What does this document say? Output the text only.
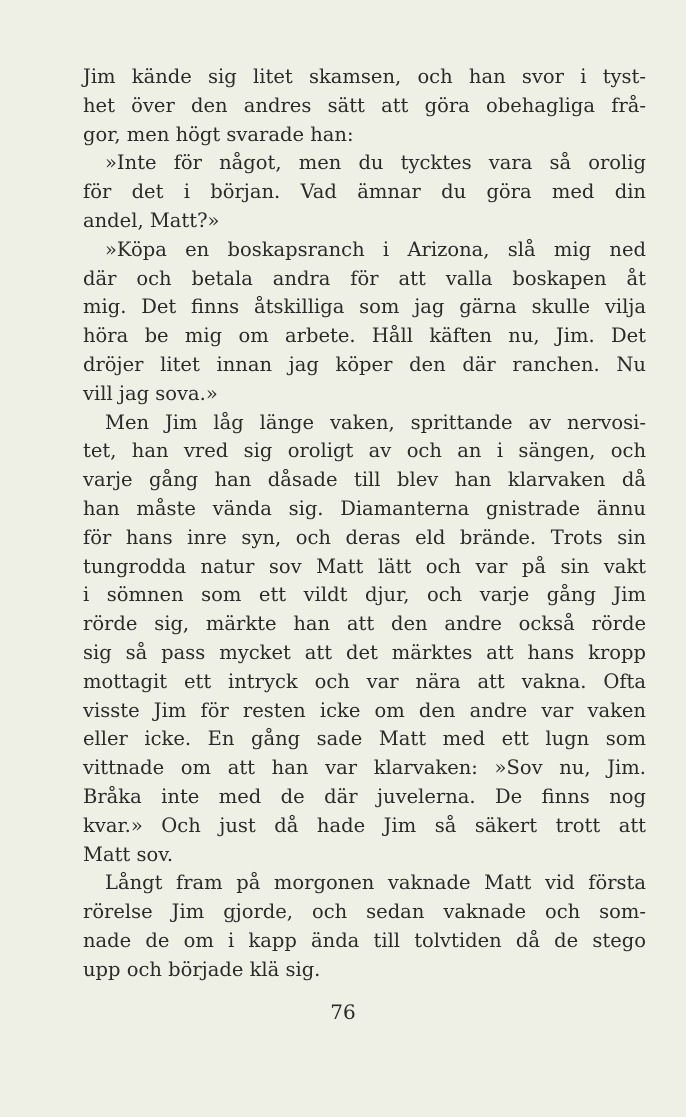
Jim kände sig litet skamsen, och han svor i tyst-
het över den andres sätt att göra obehagliga frå-
gor, men högt svarade han:
»Inte för något, men du tycktes vara så orolig
för det i början. Vad ämnar du göra med din
andel, Matt?»
»Köpa en boskapsranch i Arizona, slå mig ned
där och betala andra för att valla boskapen åt
mig. Det finns åtskilliga som jag gärna skulle vilja
höra be mig om arbete. Håll käften nu, Jim. Det
dröjer litet innan jag köper den där ranchen. Nu
vill jag sova.»
Men Jim låg länge vaken, sprittande av nervosi-
tet, han vred sig oroligt av och an i sängen, och
varje gång han dåsade till blev han klarvaken då
han måste vända sig. Diamanterna gnistrade ännu
för hans inre syn, och deras eld brände. Trots sin
tungrodda natur sov Matt lätt och var på sin vakt
i sömnen som ett vildt djur, och varje gång Jim
rörde sig, märkte han att den andre också rörde
sig så pass mycket att det märktes att hans kropp
mottagit ett intryck och var nära att vakna. Ofta
visste Jim för resten icke om den andre var vaken
eller icke. En gång sade Matt med ett lugn som
vittnade om att han var klarvaken: »Sov nu, Jim.
Bråka inte med de där juvelerna. De finns nog
kvar.» Och just då hade Jim så säkert trott att
Matt sov.
Långt fram på morgonen vaknade Matt vid första
rörelse Jim gjorde, och sedan vaknade och som-
nade de om i kapp ända till tolvtiden då de stego
upp och började klä sig.
76
